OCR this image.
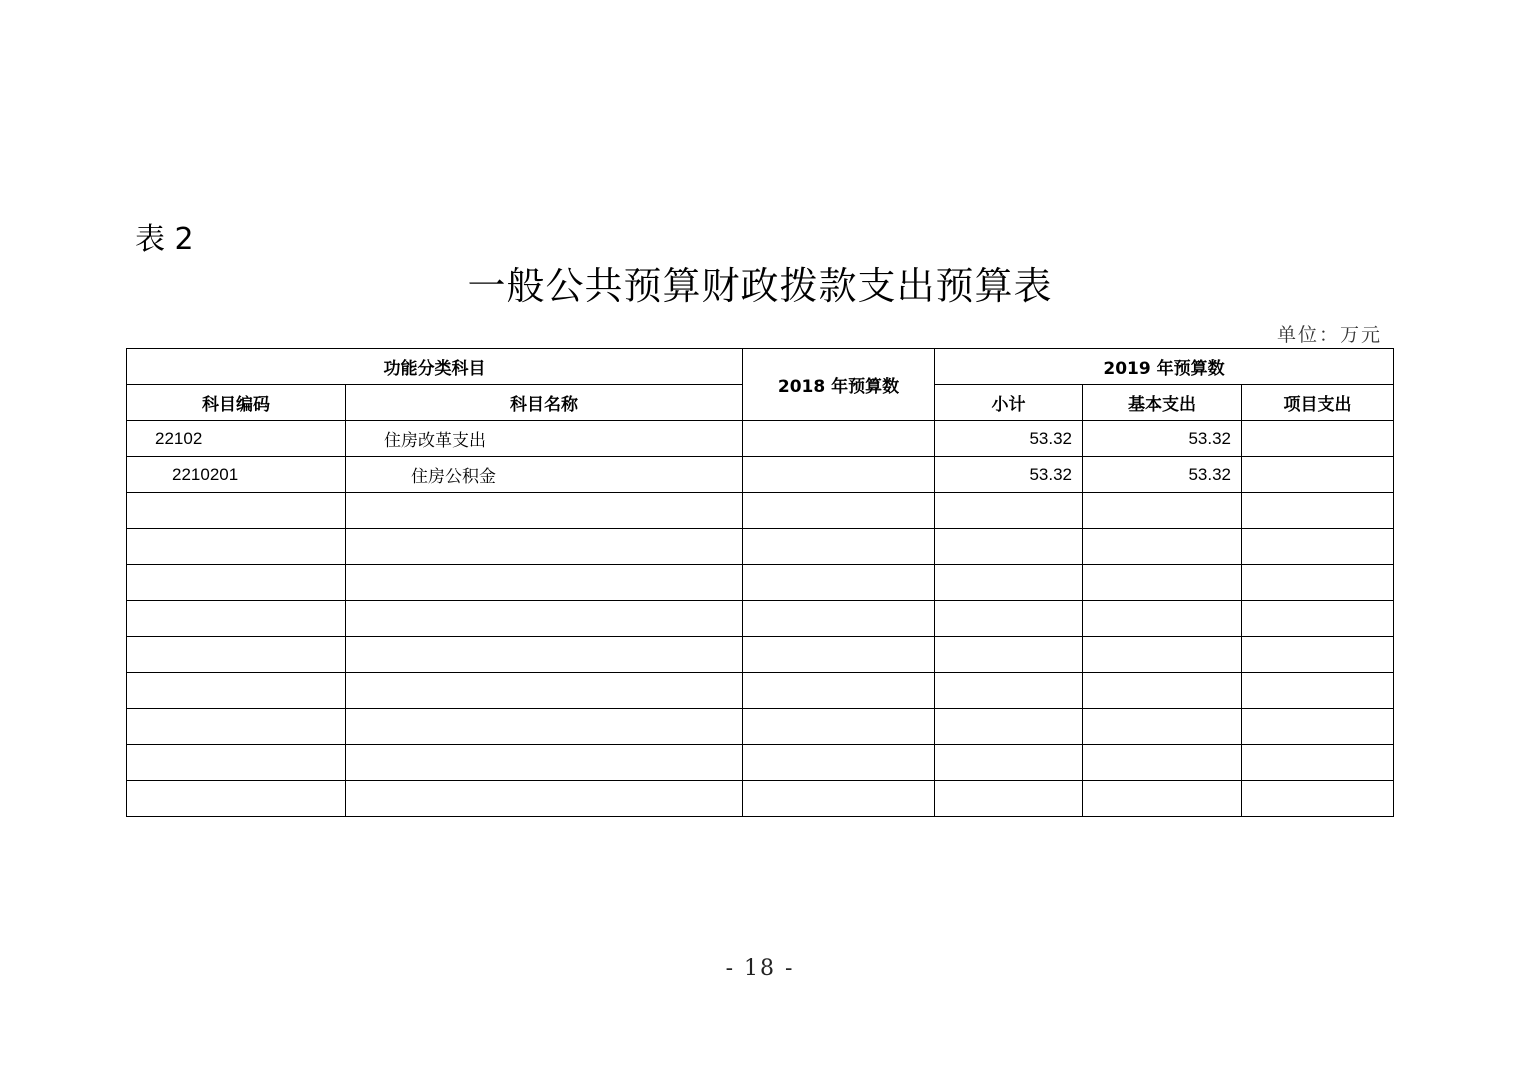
表 2
一般公共预算财政拨款支出预算表
单位：万元
功能分类科目		2018 年预算数	2019 年预算数		
科目编码	科目名称		小计	基本支出	项目支出
22102	住房改革支出		53.32	53.32	
2210201	住房公积金		53.32	53.32	

- 18 -
